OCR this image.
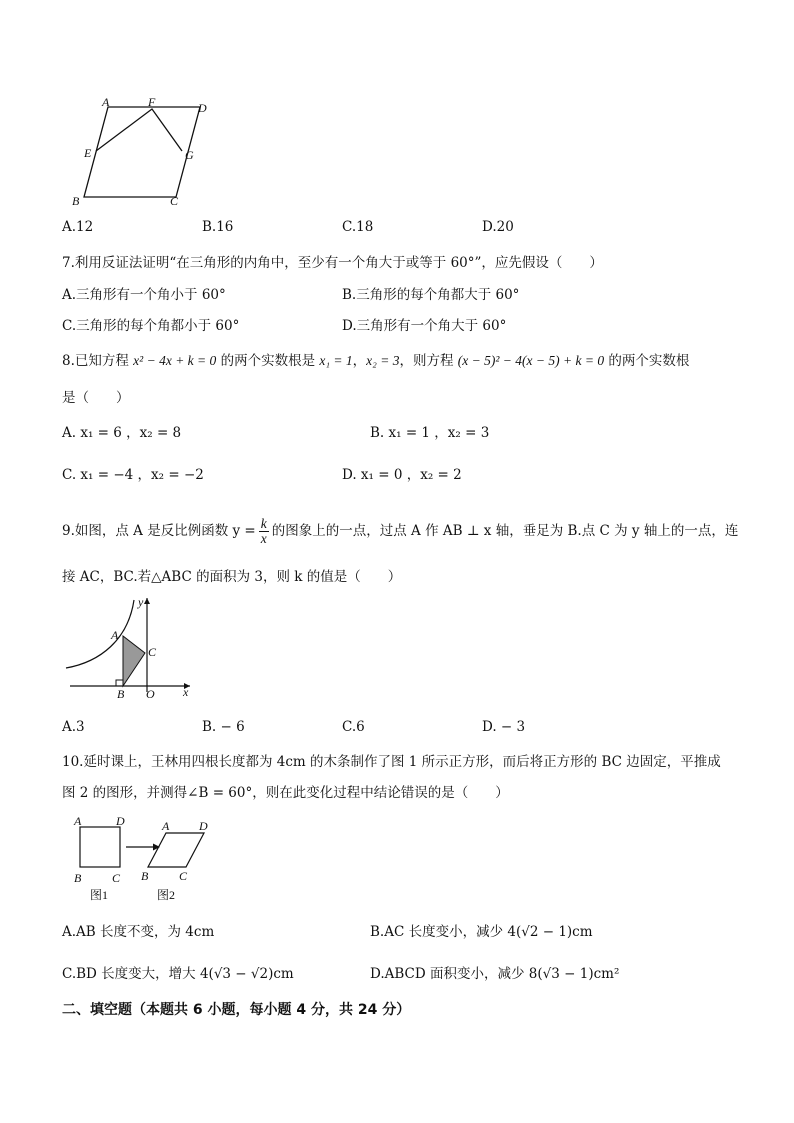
A	F	D
E	G
B	C
A.12	B.16	C.18	D.20
7.利用反证法证明“在三角形的内角中，至少有一个角大于或等于 60°”，应先假设（　　）
A.三角形有一个角小于 60°	B.三角形的每个角都大于 60°
C.三角形的每个角都小于 60°	D.三角形有一个角大于 60°
8.已知方程 x² − 4x + k = 0 的两个实数根是 x₁ = 1，x₂ = 3，则方程 (x − 5)² − 4(x − 5) + k = 0 的两个实数根
是（　　）
A. x₁ = 6 ，x₂ = 8	B. x₁ = 1 ，x₂ = 3
C. x₁ = −4 ，x₂ = −2	D. x₁ = 0 ，x₂ = 2
9.如图，点 A 是反比例函数 $y = \frac{k}{x}$ 的图象上的一点，过点 A 作 AB ⊥ x 轴，垂足为 B.点 C 为 y 轴上的一点，连
接 AC，BC.若△ABC 的面积为 3，则 k 的值是（　　）
y
A
C
B O x
A.3	B. − 6	C.6	D. − 3
10.延时课上，王林用四根长度都为 4cm 的木条制作了图 1 所示正方形，而后将正方形的 BC 边固定，平推成
图 2 的图形，并测得∠B = 60°，则在此变化过程中结论错误的是（　　）
A	D
B	C
A D
B	C
图1	图2
A.AB 长度不变，为 4cm	B.AC 长度变小，减少 4(√2 − 1)cm
C.BD 长度变大，增大 4(√3 − √2)cm	D.ABCD 面积变小，减少 8(√3 − 1)cm²
二、填空题（本题共 6 小题，每小题 4 分，共 24 分）
